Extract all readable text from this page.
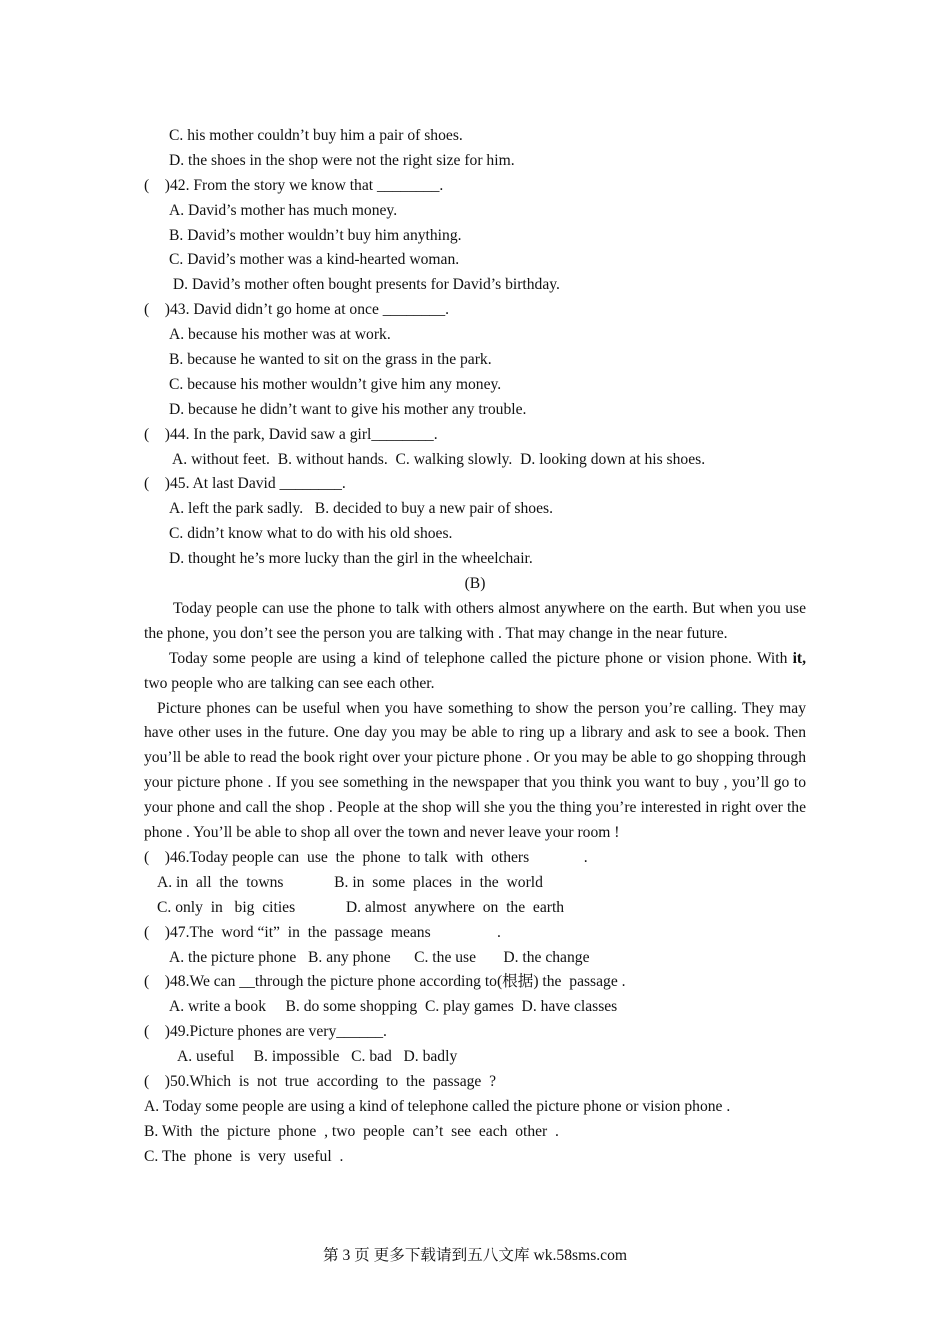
C. his mother couldn’t buy him a pair of shoes.
D. the shoes in the shop were not the right size for him.
(    )42. From the story we know that ________.
A. David’s mother has much money.
B. David’s mother wouldn’t buy him anything.
C. David’s mother was a kind-hearted woman.
D. David’s mother often bought presents for David’s birthday.
(    )43. David didn’t go home at once ________.
A. because his mother was at work.
B. because he wanted to sit on the grass in the park.
C. because his mother wouldn’t give him any money.
D. because he didn’t want to give his mother any trouble.
(    )44. In the park, David saw a girl________.
A. without feet.  B. without hands.  C. walking slowly.  D. looking down at his shoes.
(    )45. At last David ________.
A. left the park sadly.   B. decided to buy a new pair of shoes.
C. didn’t know what to do with his old shoes.
D. thought he’s more lucky than the girl in the wheelchair.
(B)
Today people can use the phone to talk with others almost anywhere on the earth. But when you use the phone, you don’t see the person you are talking with . That may change in the near future.
Today some people are using a kind of telephone called the picture phone or vision phone. With it, two people who are talking can see each other.
Picture phones can be useful when you have something to show the person you’re calling. They may have other uses in the future. One day you may be able to ring up a library and ask to see a book. Then you’ll be able to read the book right over your picture phone . Or you may be able to go shopping through your picture phone . If you see something in the newspaper that you think you want to buy , you’ll go to your phone and call the shop . People at the shop will she you the thing you’re interested in right over the phone . You’ll be able to shop all over the town and never leave your room !
(    )46.Today people can  use  the  phone  to talk  with  others              .
A. in  all  the  towns             B. in  some  places  in  the  world
C. only  in   big  cities             D. almost  anywhere  on  the  earth
(    )47.The  word “it”  in  the  passage  means                 .
A. the picture phone   B. any phone      C. the use       D. the change
(    )48.We can __through the picture phone according to(根据) the  passage .
A. write a book     B. do some shopping  C. play games  D. have classes
(    )49.Picture phones are very______.
A. useful     B. impossible   C. bad   D. badly
(    )50.Which  is  not  true  according  to  the  passage  ?
A. Today some people are using a kind of telephone called the picture phone or vision phone .
B. With  the  picture  phone  , two  people  can’t  see  each  other  .
C. The  phone  is  very  useful  .
第 3 页 更多下载请到五八文库 wk.58sms.com
